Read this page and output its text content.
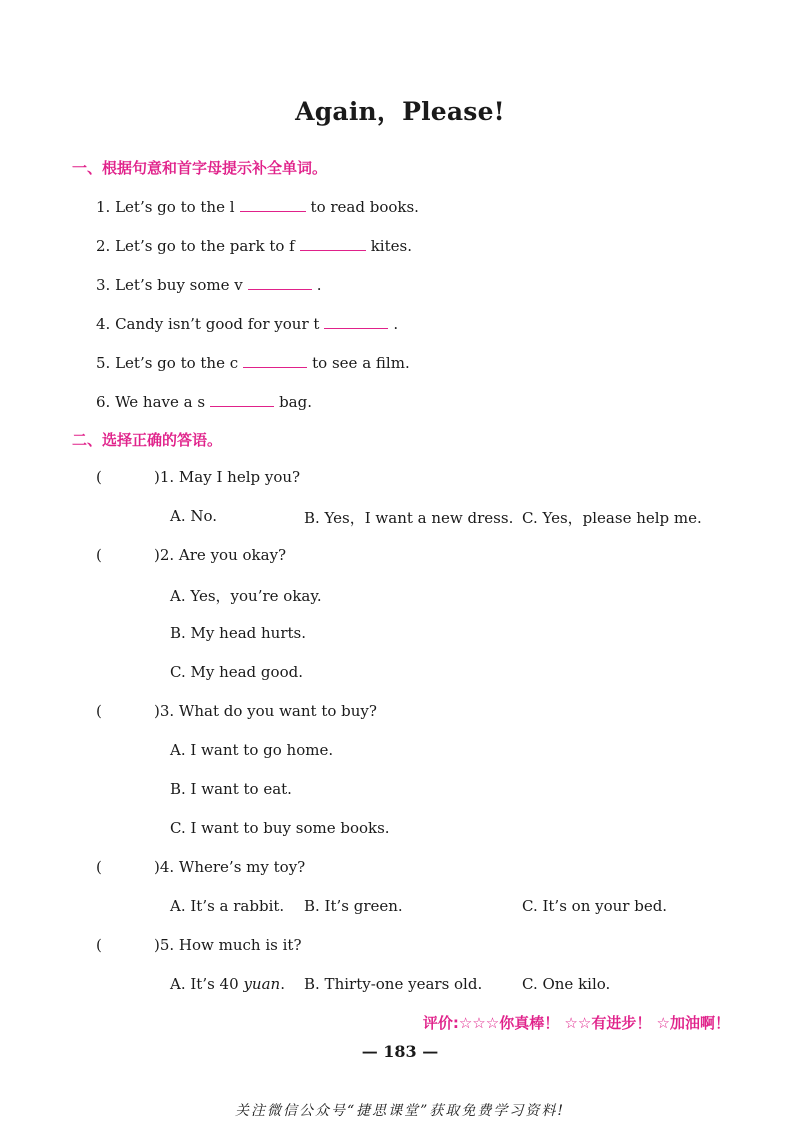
Again，Please!
一、根据句意和首字母提示补全单词。
1. Let’s go to the l	to read books.
2. Let’s go to the park to f	kites.
3. Let’s buy some v	.
4. Candy isn’t good for your t	.
5. Let’s go to the c	to see a film.
6. We have a s	bag.
二、选择正确的答语。
(	)1. May I help you?
A. No.	B. Yes，I want a new dress. C. Yes，please help me.
(	)2. Are you okay?
A. Yes，you’re okay.
B. My head hurts.
C. My head good.
(	)3. What do you want to buy?
A. I want to go home.
B. I want to eat.
C. I want to buy some books.
(	)4. Where’s my toy?
A. It’s a rabbit. B. It’s green.	C. It’s on your bed.
(	)5. How much is it?
A. It’s 40 yuan. B. Thirty-one years old.	C. One kilo.
评价:☆☆☆你真棒！ ☆☆有进步！ ☆加油啊！
— 183 —
关注微信公众号“捷思课堂”获取免费学习资料!
